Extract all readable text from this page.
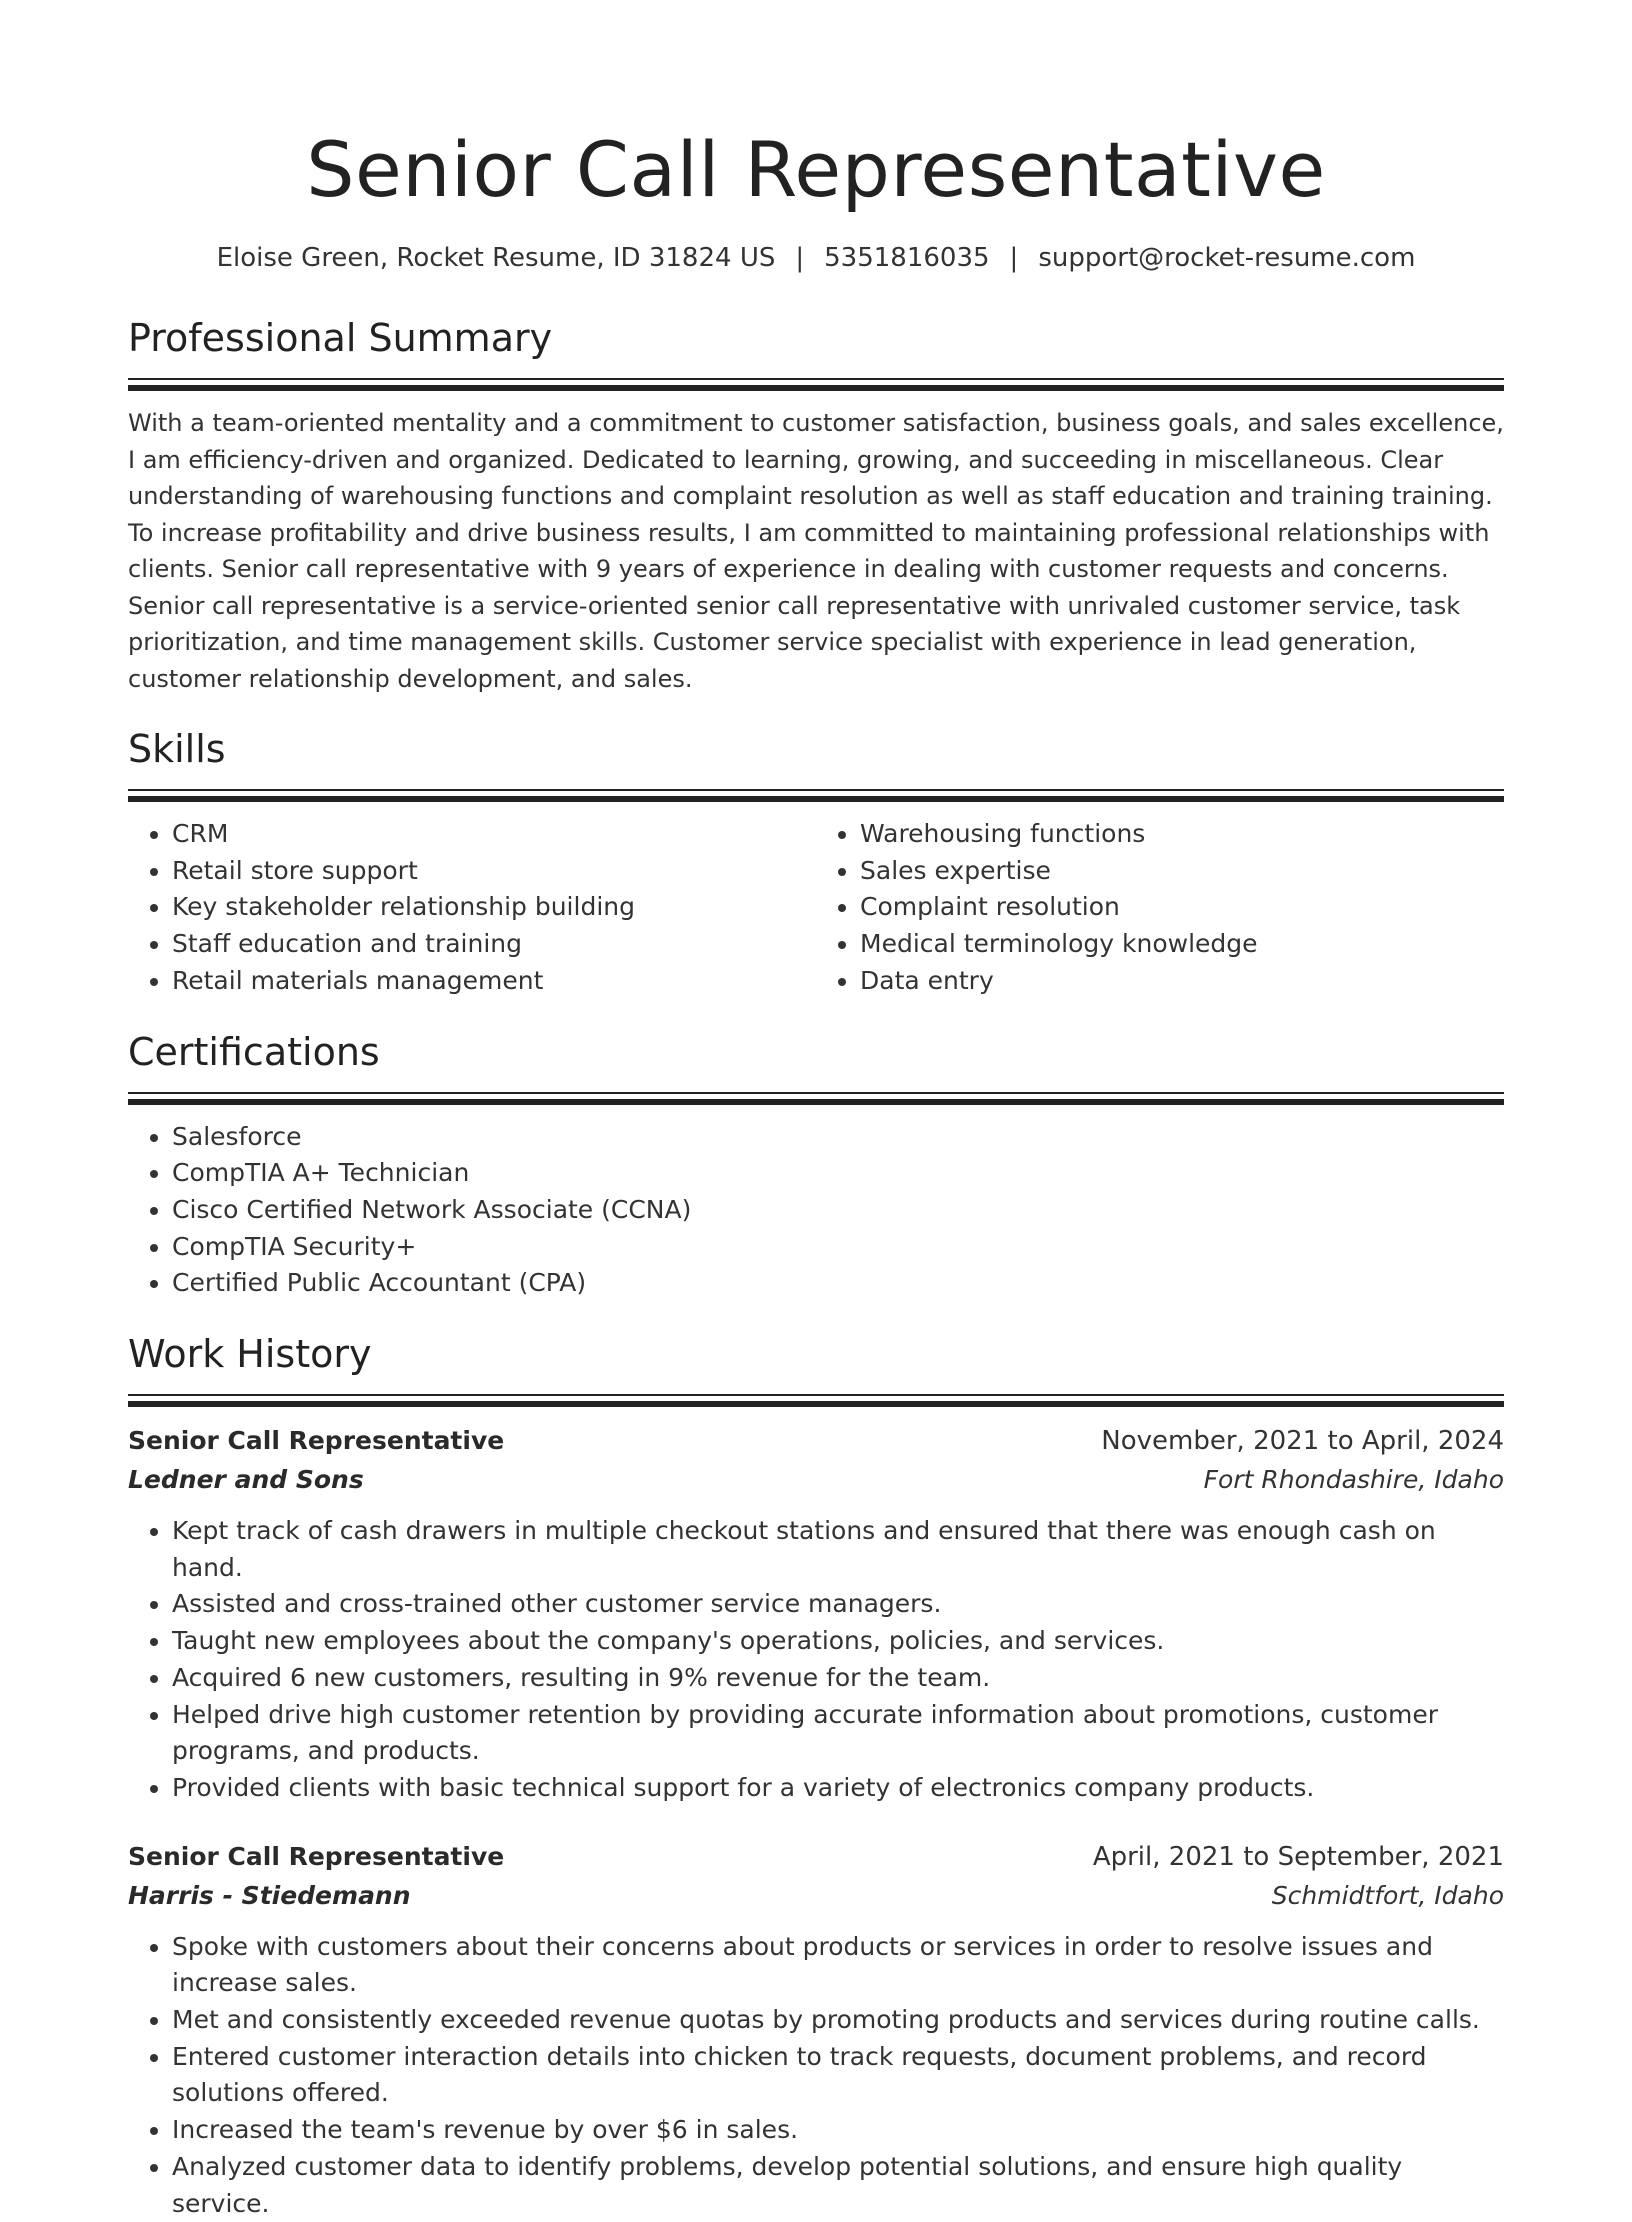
Senior Call Representative
Eloise Green, Rocket Resume, ID 31824 US | 5351816035 | support@rocket-resume.com
Professional Summary

With a team-oriented mentality and a commitment to customer satisfaction, business goals, and sales excellence, I am efficiency-driven and organized. Dedicated to learning, growing, and succeeding in miscellaneous. Clear understanding of warehousing functions and complaint resolution as well as staff education and training training. To increase profitability and drive business results, I am committed to maintaining professional relationships with clients. Senior call representative with 9 years of experience in dealing with customer requests and concerns. Senior call representative is a service-oriented senior call representative with unrivaled customer service, task prioritization, and time management skills. Customer service specialist with experience in lead generation, customer relationship development, and sales.

Skills
• CRM
• Retail store support
• Key stakeholder relationship building
• Staff education and training
• Retail materials management
• Warehousing functions
• Sales expertise
• Complaint resolution
• Medical terminology knowledge
• Data entry
Certifications
• Salesforce
• CompTIA A+ Technician
• Cisco Certified Network Associate (CCNA)
• CompTIA Security+
• Certified Public Accountant (CPA)
Work History
Senior Call Representative	November, 2021 to April, 2024
Ledner and Sons	Fort Rhondashire, Idaho
• Kept track of cash drawers in multiple checkout stations and ensured that there was enough cash on hand.
• Assisted and cross-trained other customer service managers.
• Taught new employees about the company's operations, policies, and services.
• Acquired 6 new customers, resulting in 9% revenue for the team.
• Helped drive high customer retention by providing accurate information about promotions, customer programs, and products.
• Provided clients with basic technical support for a variety of electronics company products.
Senior Call Representative	April, 2021 to September, 2021
Harris - Stiedemann	Schmidtfort, Idaho
• Spoke with customers about their concerns about products or services in order to resolve issues and increase sales.
• Met and consistently exceeded revenue quotas by promoting products and services during routine calls.
• Entered customer interaction details into chicken to track requests, document problems, and record solutions offered.
• Increased the team's revenue by over $6 in sales.
• Analyzed customer data to identify problems, develop potential solutions, and ensure high quality service.
